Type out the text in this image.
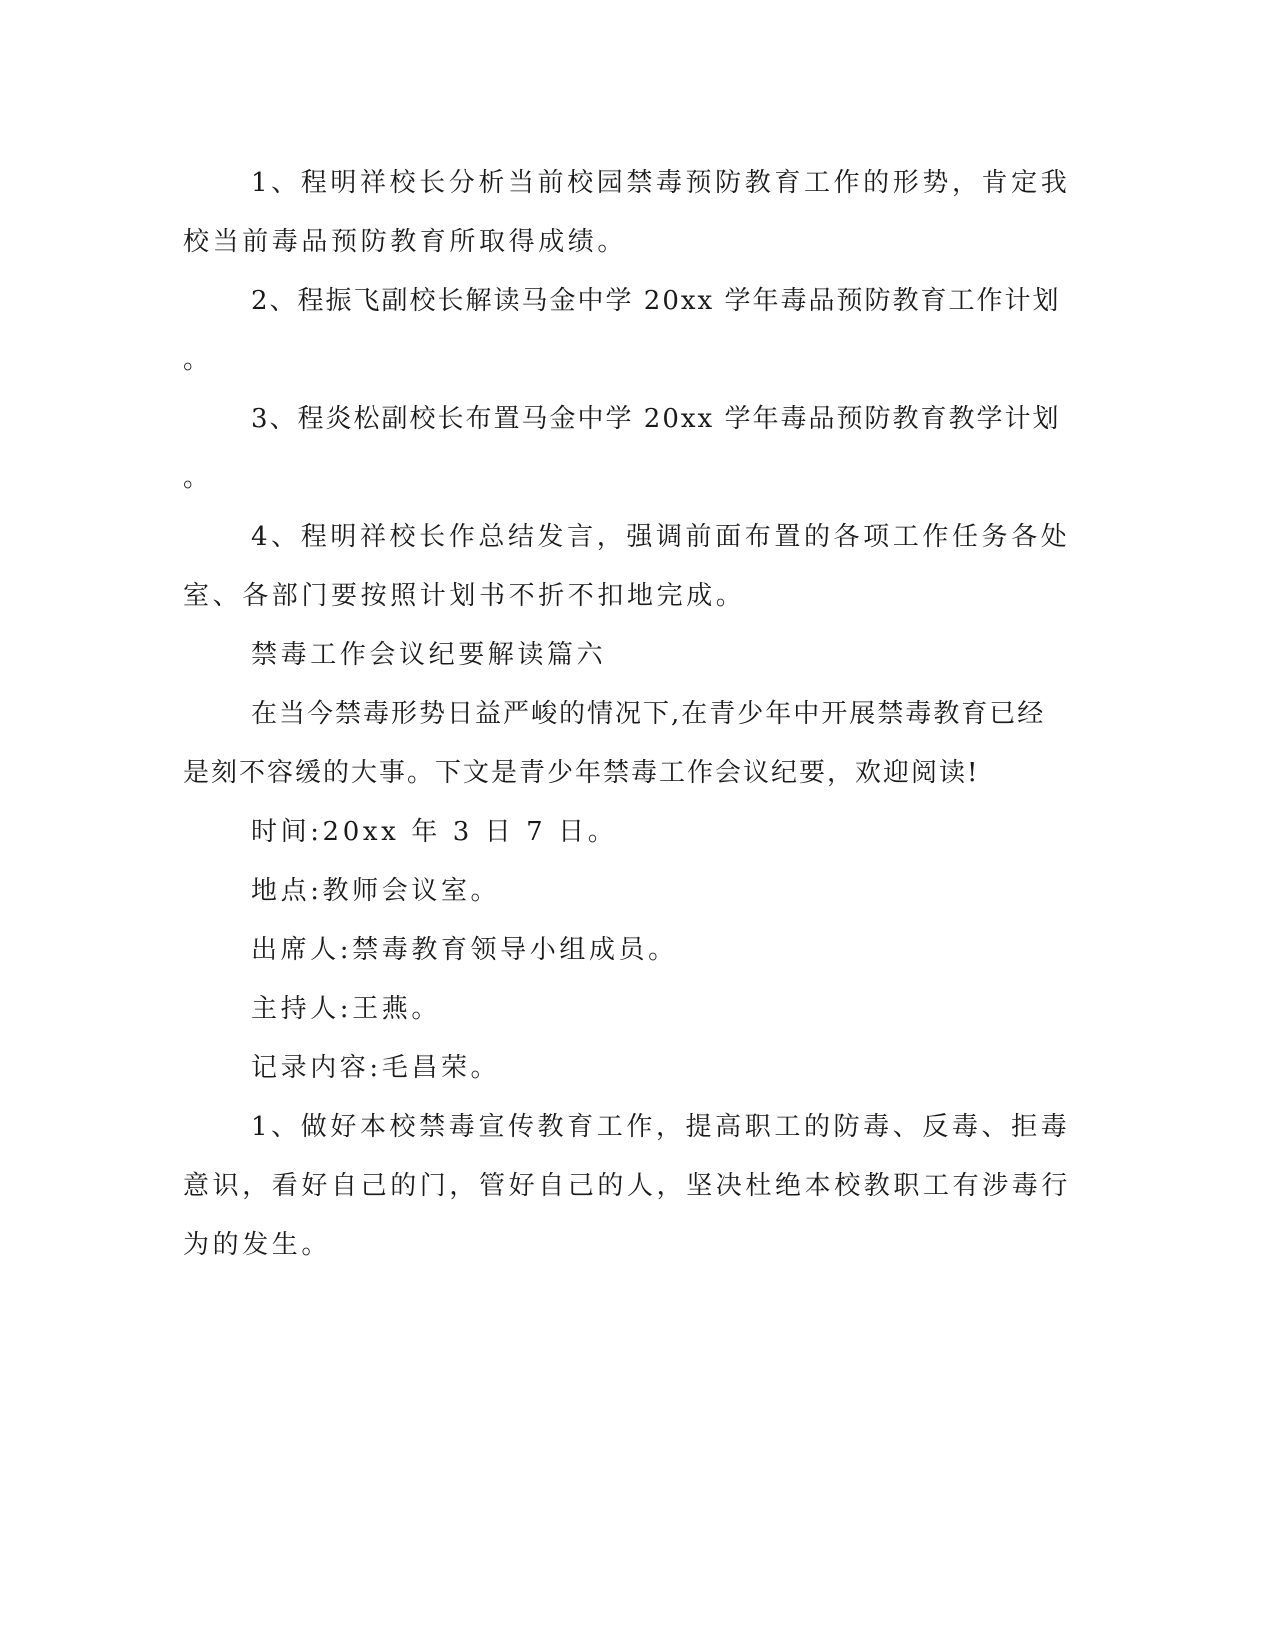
1、程明祥校长分析当前校园禁毒预防教育工作的形势，肯定我
校当前毒品预防教育所取得成绩。
2、程振飞副校长解读马金中学 20xx 学年毒品预防教育工作计划
。
3、程炎松副校长布置马金中学 20xx 学年毒品预防教育教学计划
。
4、程明祥校长作总结发言，强调前面布置的各项工作任务各处
室、各部门要按照计划书不折不扣地完成。
禁毒工作会议纪要解读篇六
在当今禁毒形势日益严峻的情况下,在青少年中开展禁毒教育已经
是刻不容缓的大事。下文是青少年禁毒工作会议纪要，欢迎阅读!
时间:20xx 年 3 日 7 日。
地点:教师会议室。
出席人:禁毒教育领导小组成员。
主持人:王燕。
记录内容:毛昌荣。
1、做好本校禁毒宣传教育工作，提高职工的防毒、反毒、拒毒
意识，看好自己的门，管好自己的人，坚决杜绝本校教职工有涉毒行
为的发生。
